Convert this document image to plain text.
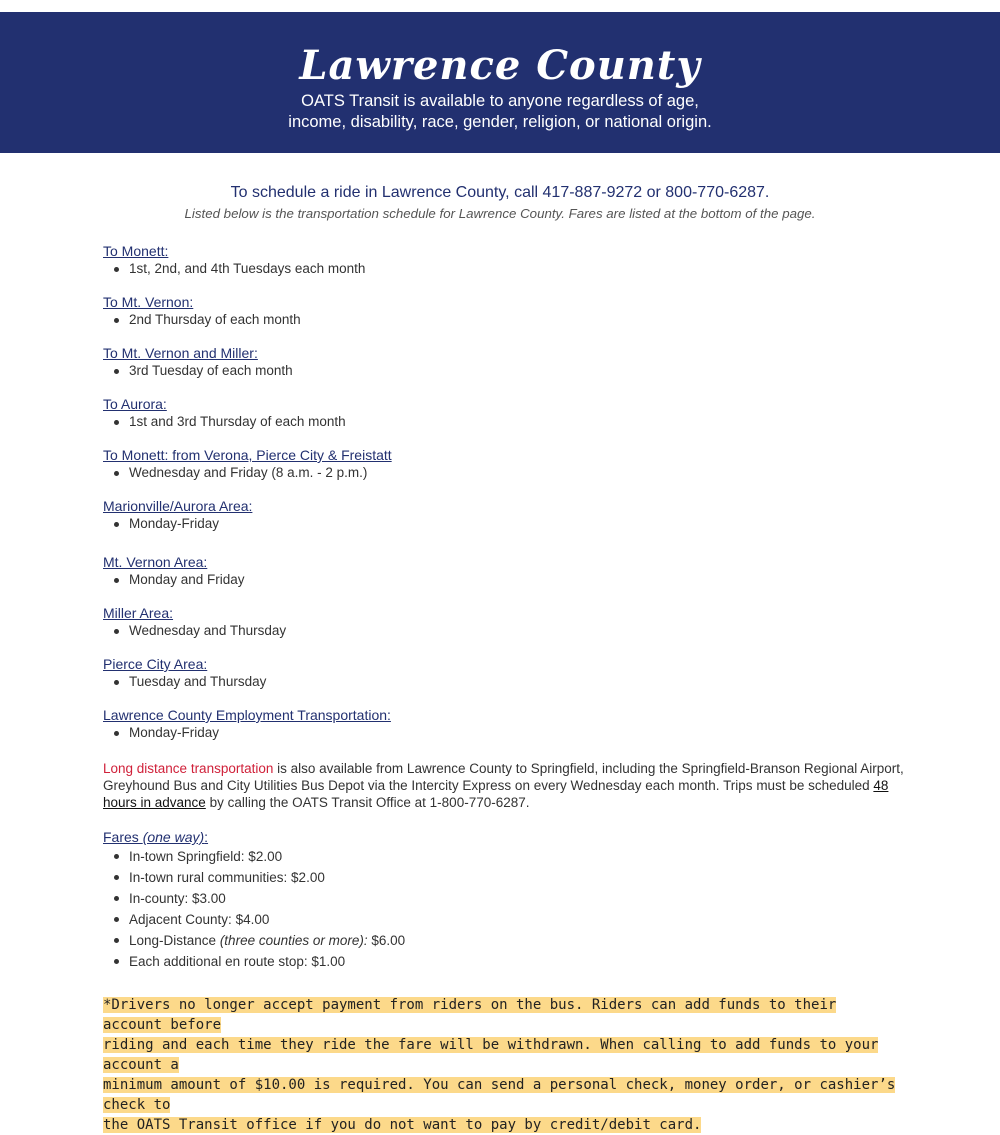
Lawrence County
OATS Transit is available to anyone regardless of age,
income, disability, race, gender, religion, or national origin.
To schedule a ride in Lawrence County, call 417-887-9272 or 800-770-6287.
Listed below is the transportation schedule for Lawrence County. Fares are listed at the bottom of the page.
To Monett:
1st, 2nd, and 4th Tuesdays each month
To Mt. Vernon:
2nd Thursday of each month
To Mt. Vernon and Miller:
3rd Tuesday of each month
To Aurora:
1st and 3rd Thursday of each month
To Monett: from Verona, Pierce City & Freistatt
Wednesday and Friday (8 a.m. - 2 p.m.)
Marionville/Aurora Area:
Monday-Friday
Mt. Vernon Area:
Monday and Friday
Miller Area:
Wednesday and Thursday
Pierce City Area:
Tuesday and Thursday
Lawrence County Employment Transportation:
Monday-Friday
Long distance transportation is also available from Lawrence County to Springfield, including the Springfield-Branson Regional Airport, Greyhound Bus and City Utilities Bus Depot via the Intercity Express on every Wednesday each month. Trips must be scheduled 48 hours in advance by calling the OATS Transit Office at 1-800-770-6287.
Fares (one way):
In-town Springfield: $2.00
In-town rural communities: $2.00
In-county: $3.00
Adjacent County: $4.00
Long-Distance (three counties or more): $6.00
Each additional en route stop: $1.00
*Drivers no longer accept payment from riders on the bus. Riders can add funds to their account before
riding and each time they ride the fare will be withdrawn. When calling to add funds to your account a
minimum amount of $10.00 is required. You can send a personal check, money order, or cashier’s check to
the OATS Transit office if you do not want to pay by credit/debit card.
